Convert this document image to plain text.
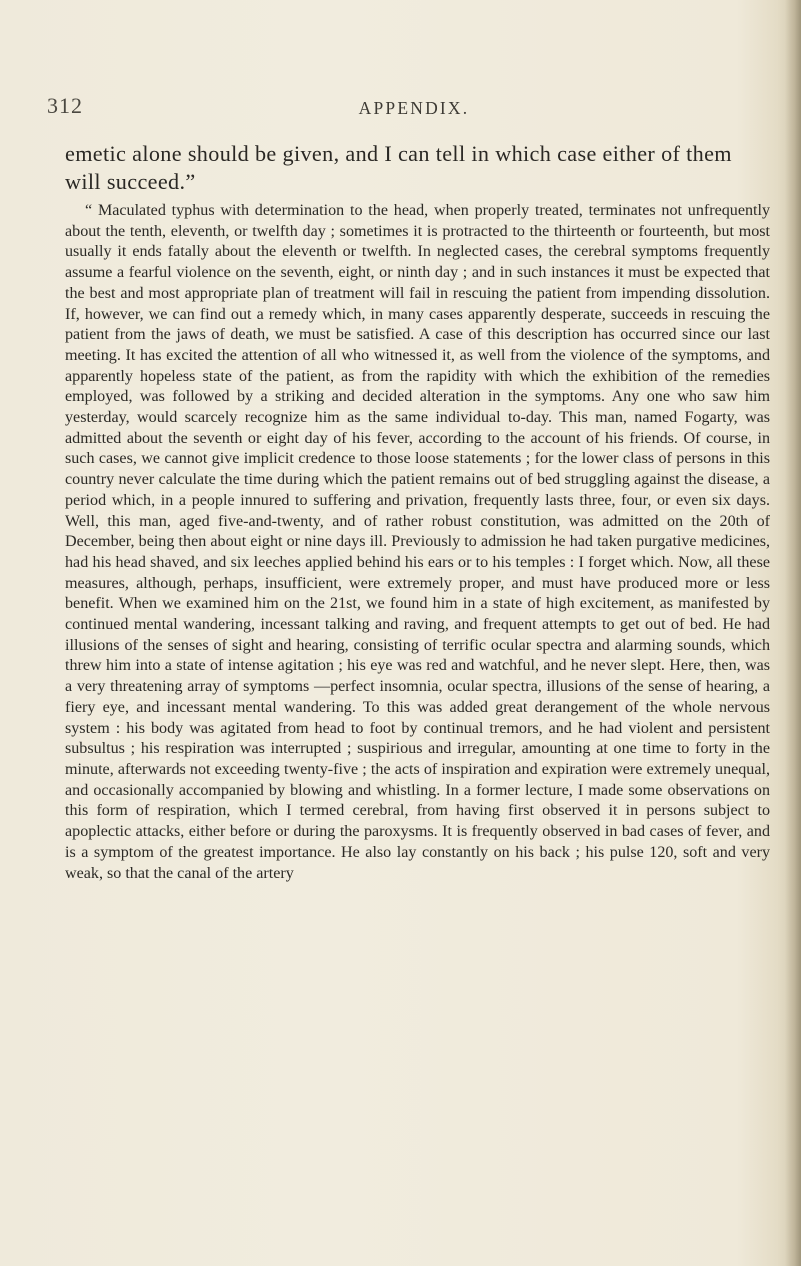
312	APPENDIX.

emetic alone should be given, and I can tell in which case either of them will succeed.”

“ Maculated typhus with determination to the head, when properly treated, terminates not unfrequently about the tenth, eleventh, or twelfth day ; sometimes it is protracted to the thirteenth or fourteenth, but most usually it ends fatally about the eleventh or twelfth. In neglected cases, the cerebral symptoms frequently assume a fearful violence on the seventh, eight, or ninth day ; and in such instances it must be expected that the best and most appropriate plan of treatment will fail in rescuing the patient from impending dissolution. If, however, we can find out a remedy which, in many cases apparently desperate, succeeds in rescuing the patient from the jaws of death, we must be satisfied. A case of this description has occurred since our last meeting. It has excited the attention of all who witnessed it, as well from the violence of the symptoms, and apparently hopeless state of the patient, as from the rapidity with which the exhibition of the remedies employed, was followed by a striking and decided alteration in the symptoms. Any one who saw him yesterday, would scarcely recognize him as the same individual to-day. This man, named Fogarty, was admitted about the seventh or eight day of his fever, according to the account of his friends. Of course, in such cases, we cannot give implicit credence to those loose statements ; for the lower class of persons in this country never calculate the time during which the patient remains out of bed struggling against the disease, a period which, in a people innured to suffering and privation, frequently lasts three, four, or even six days. Well, this man, aged five-and-twenty, and of rather robust constitution, was admitted on the 20th of December, being then about eight or nine days ill. Previously to admission he had taken purgative medicines, had his head shaved, and six leeches applied behind his ears or to his temples : I forget which. Now, all these measures, although, perhaps, insufficient, were extremely proper, and must have produced more or less benefit. When we examined him on the 21st, we found him in a state of high excitement, as manifested by continued mental wandering, incessant talking and raving, and frequent attempts to get out of bed. He had illusions of the senses of sight and hearing, consisting of terrific ocular spectra and alarming sounds, which threw him into a state of intense agitation ; his eye was red and watchful, and he never slept. Here, then, was a very threatening array of symptoms —perfect insomnia, ocular spectra, illusions of the sense of hearing, a fiery eye, and incessant mental wandering. To this was added great derangement of the whole nervous system : his body was agitated from head to foot by continual tremors, and he had violent and persistent subsultus ; his respiration was interrupted ; suspirious and irregular, amounting at one time to forty in the minute, afterwards not exceeding twenty-five ; the acts of inspiration and expiration were extremely unequal, and occasionally accompanied by blowing and whistling. In a former lecture, I made some observations on this form of respiration, which I termed cerebral, from having first observed it in persons subject to apoplectic attacks, either before or during the paroxysms. It is frequently observed in bad cases of fever, and is a symptom of the greatest importance. He also lay constantly on his back ; his pulse 120, soft and very weak, so that the canal of the artery
